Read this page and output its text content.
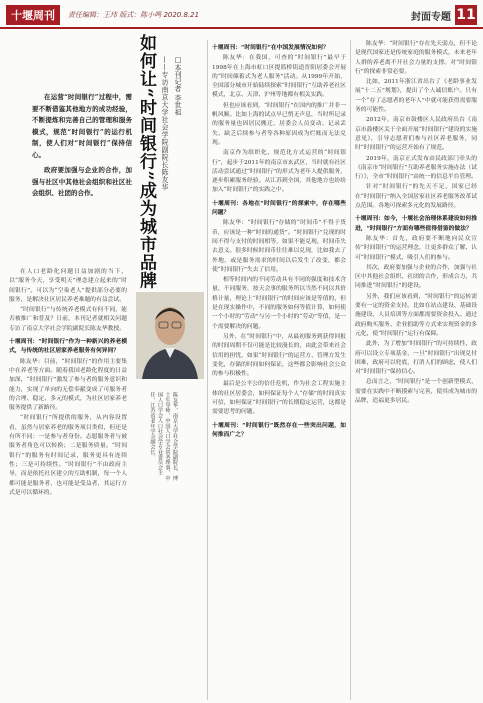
十堰周刊	责任编辑：王玮 版式：陈小鸣 2020.8.21	封面专题 11
如何让“时间银行”成为城市品牌 ——专访南京大学社会学院副院长陈友华 □本刊记者 李世祖

在运营“时间银行”过程中，需要不断借鉴其他地方的成功经验，不断提炼和完善自己的管理和服务模式，规范“时间银行”的运行机制，使人们对“时间银行”保持信心。

政府要加强与企业的合作，加强与社区中其他社会组织和社区社会组织、社团的合作。

在人口老龄化问题日益加剧的当下，以“服务今天，享受明天”理念建立起来的“时间银行”，可以为“空巢老人”提供部分必要的服务，是解决社区居民养老难题的有益尝试。

“时间银行”与传统养老模式有何不同，能否被推广和普及？日前，本刊记者就相关问题专访了南京大学社会学院副院长陈友华教授。

十堰周刊：“时间银行”作为一种新兴的养老模式，与传统的社区居家养老服务有何异同？

陈友华：目前，“时间银行”的作用主要集中在养老等方面。随着我国老龄化程度的日益加深，“时间银行”激发了参与者的服务意识和能力，实现了单向的无偿奉献变成了可服务者的合理、稳定、多元的模式，为社区居家养老服务提供了新路径。

“时间银行”所提供的服务，从内容设置看，虽然与居家养老的服务项目类似，但还是有所不同：一是参与者身份。志愿服务者与被服务者角色可以转换；二是服务质量。“时间银行”的服务有时间记录，服务更具有连续性；三是可持续性。“时间银行”不由政府主导，而是依托社区建立的互助机制，每一个人都可能是服务者，也可能是受益者，其运行方式是可以循环的。

陈友华，南京大学社会学院副院长、博士生导师，中国人口学会常务理事，中国人口学会人口社会学专业委员会主任，江苏省老年学会副会长。

十堰周刊：“时间银行”在中国发展情况如何？

陈友华：在我国，可查的“时间银行”最早于1998年在上海市虹口区提篮桥街道晋阳居委会开展的“时间储蓄式为老人服务”活动。从1999年开始，全国部分城市开始陆续探索“时间银行”互助养老社区模式，北京、天津、沪州等地都有相关实践。

但也应该看到，“时间银行”在国内的推广并非一帆风顺。比如上海的试点早已悄无声息，当时所记录的服务量也因居民搬迁、居委会人员变动、记录丢失、缺乏后续参与者等各种原因成为烂账而无法兑现。

南京作为组织化、规范化方式运营的“时间银行”，起步于2011年的南京市玄武区，当时就有社区活动尝试通过“时间银行”的形式为老年人提供服务，逐步积累服务经验。从江苏到全国，其他地方也纷纷加入“时间银行”的实践之中。

十堰周刊：各地在“时间银行”的探索中，存在哪些问题？

陈友华：“时间银行”存储的“时间币”不得于货币，应该是一种“时间的通货”。“时间银行”兑现的时间不得与支付的时间相等，如果不能兑现，时间币失去意义。很多时候时间币往往难以兑现，比如我去了外地，或是服务需求的时间以后发生了改变，都会使“时间银行”失去了信用。

相等时间内的不同劳动具有不同的强度和技术含量，不同服务，按天会事的服务所以当然不同以其价格计量，理论上“时间银行”的时间应该是等值的，但是在现实操作中，不同的服务如何等值计算，如何使一个小时的“劳动”与另一个小时的“劳动”等值，是一个需要解决的问题。

另外，在“时间银行”中，从最初服务到获得回报的时间周期不仅可能是比较漫长的，由此会带来社会信用的担忧，如果“时间银行”的运营方、管理方发生变化，存储的时间如何保证，这些都会影响社会公众的参与积极性。

最后是公平公的信任危机，作为社会工程实施主体的社区居委会，如何保证每个人“存储”的时间真实可信，如何保证“时间银行”的长期稳定运营，这都是需要思考的问题。

十堰周刊：“时间银行”既然存在一些突出问题，如何推而广之？

陈友华：“时间银行”存在先天弱点，但不论是现代国家还是传统家庭的服务模式，未来老年人群的养老离不开社会力量的支撑。对“时间银行”的探索非常必要。

比如，2011年浙江省出台了《老龄事业发展“十二五”规划》，提出了个人诚信账户。只有一个“存了志愿者的老年人”中就可能获得需要服务的可能性。

2012年，南京市鼓楼区人民政府出台《南京市鼓楼区关于全面开展“时间银行”建设的实施意见》，引导志愿者们参与社区养老服务，同时“时间银行”的运营开始有了规范。

2019年，南京正式发布由民政部门牵头的《南京市“时间银行”互助养老服务实施办法（试行）》，全市“时间银行”由统一的信息平台管理。

针对“时间银行”的先天不足，国家已经在“时间银行”纳入全国居家社区养老服务改革试点范围。各地可探索多元化的发展路径。

十堰周刊：如今，十堰社会治理体系建设如何推进，“时间银行”方面有哪些值得借鉴的做法？

陈友华：首先，政府要不断地向民众宣传“时间银行”的运营理念，让更多群众了解、认可“时间银行”模式，吸引人们的参与。

其次，政府要加强与企业的合作，加强与社区中其他社会组织、社团的合作，形成合力，共同推进“时间银行”的建设。

另外，我们应该看到，“时间银行”的运转需要有一定的资金支持。比如在站点建设、基础设施建设、人员培训等方面都需要资金投入。通过政府购买服务、企业捐助等方式来实现资金的多元化，使“时间银行”运行有保障。

此外，为了增加“时间银行”的可持续性，政府可以设立专项基金，一旦“时间银行”出现兑付困难，政府可以兜底，打消人们的顾虑，使人们对“时间银行”保持信心。

总而言之，“时间银行”是一个创新型模式，需要在实践中不断摸索与完善，使其成为城市的品牌，造福更多居民。
